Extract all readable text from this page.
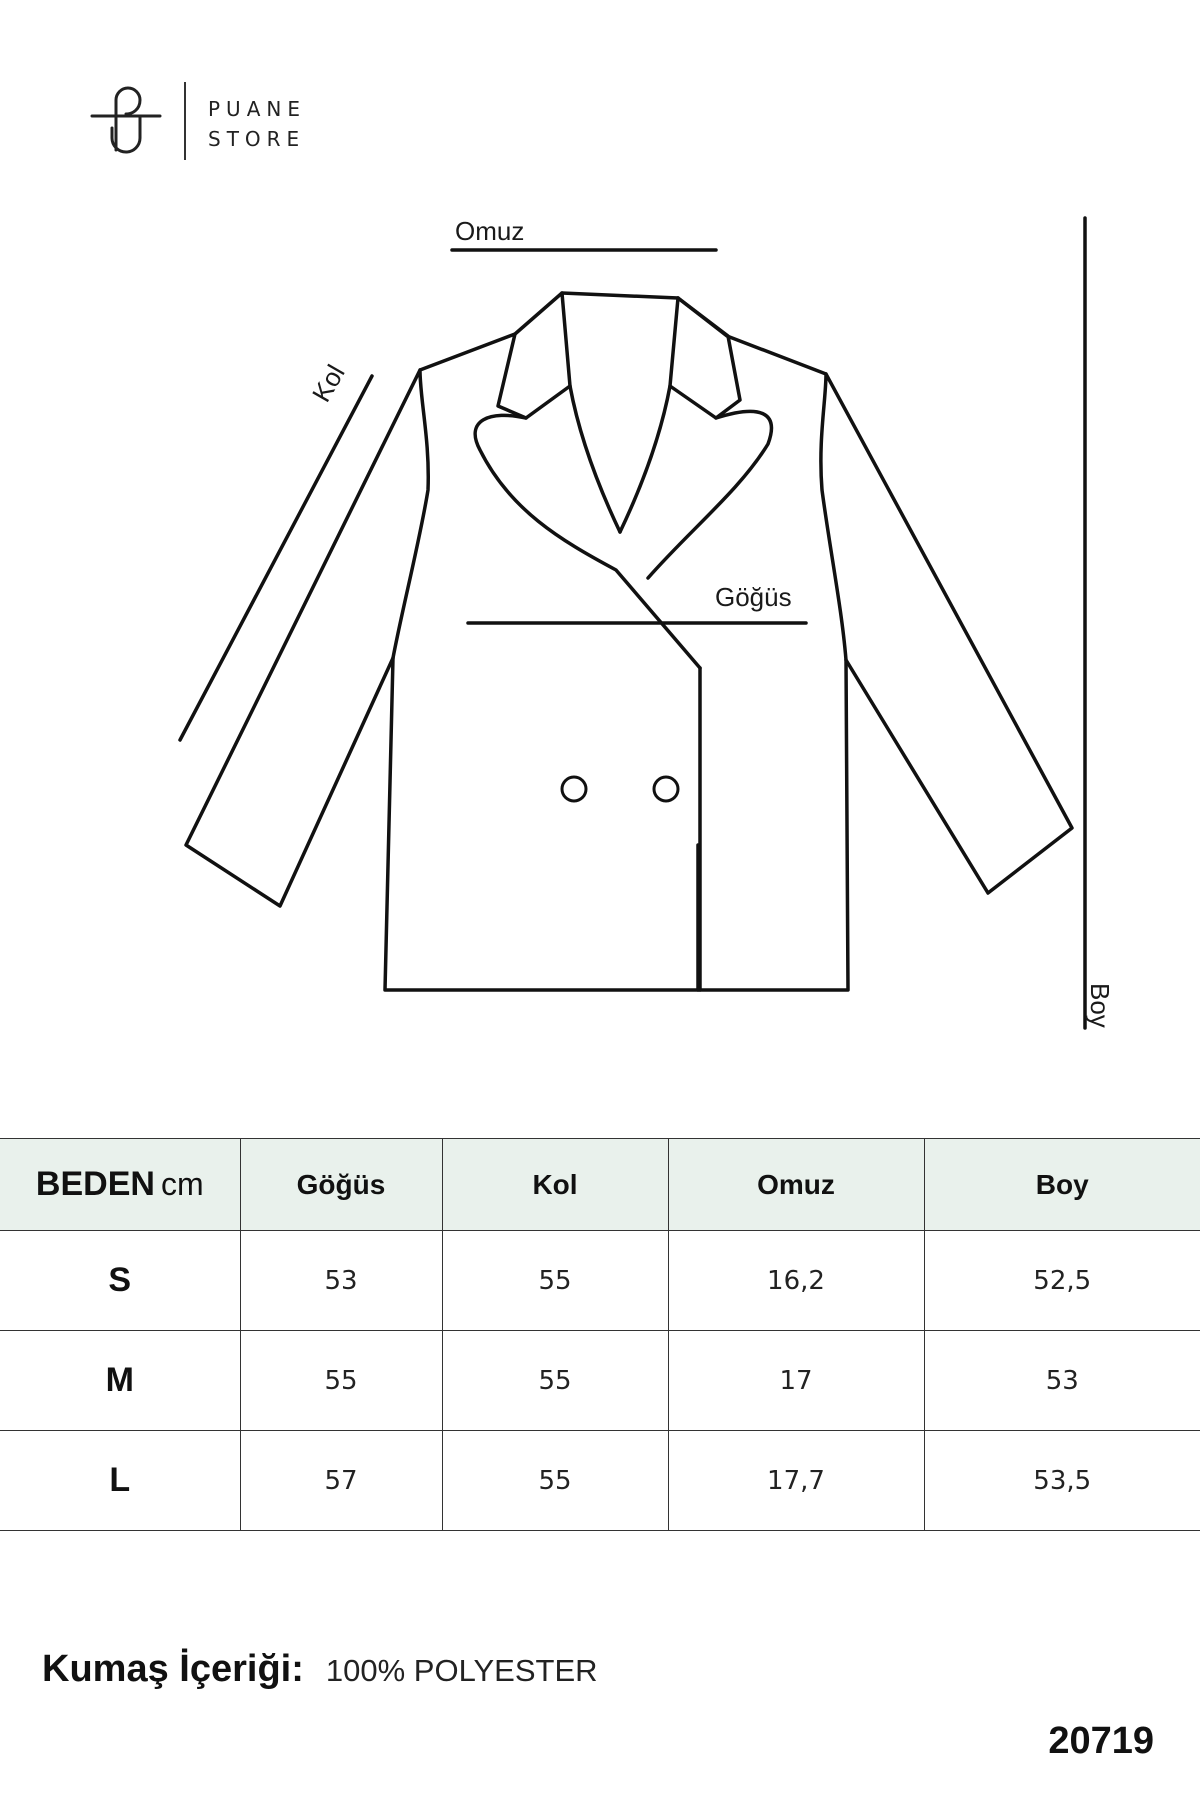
PUANE
STORE
Omuz
Kol
Göğüs
Boy
BEDEN cm	Göğüs	Kol	Omuz	Boy
S	53	55	16,2	52,5
M	55	55	17	53
L	57	55	17,7	53,5
Kumaş İçeriği: 100% POLYESTER
20719
